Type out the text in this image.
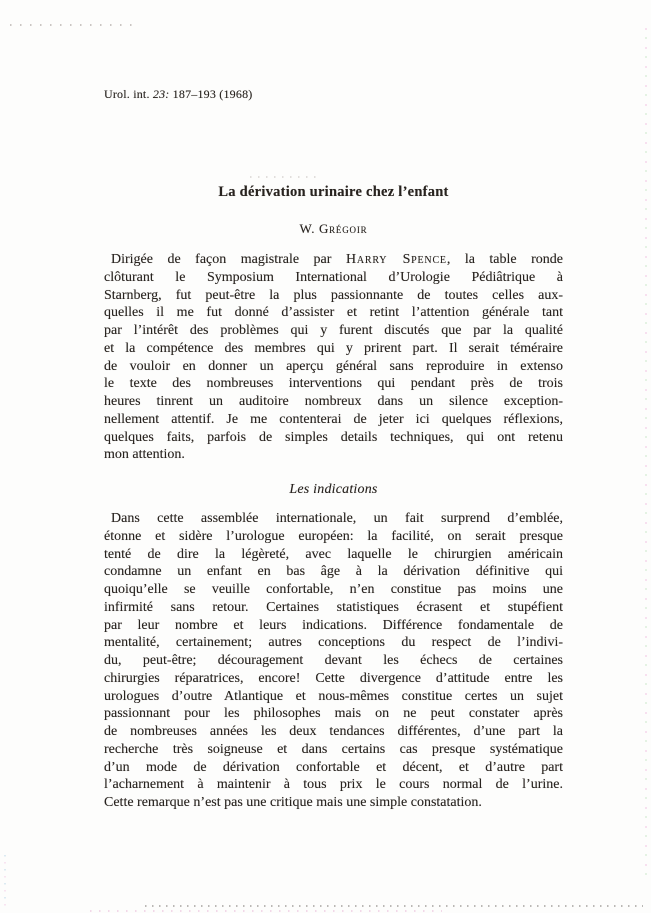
Urol. int. 23: 187–193 (1968)
La dérivation urinaire chez l’enfant
W. Grégoir
Dirigée de façon magistrale par Harry Spence, la table ronde
clôturant le Symposium International d’Urologie Pédiâtrique à
Starnberg, fut peut-être la plus passionnante de toutes celles aux-
quelles il me fut donné d’assister et retint l’attention générale tant
par l’intérêt des problèmes qui y furent discutés que par la qualité
et la compétence des membres qui y prirent part. Il serait téméraire
de vouloir en donner un aperçu général sans reproduire in extenso
le texte des nombreuses interventions qui pendant près de trois
heures tinrent un auditoire nombreux dans un silence exception-
nellement attentif. Je me contenterai de jeter ici quelques réflexions,
quelques faits, parfois de simples details techniques, qui ont retenu
mon attention.
Les indications
Dans cette assemblée internationale, un fait surprend d’emblée,
étonne et sidère l’urologue européen: la facilité, on serait presque
tenté de dire la légèreté, avec laquelle le chirurgien américain
condamne un enfant en bas âge à la dérivation définitive qui
quoiqu’elle se veuille confortable, n’en constitue pas moins une
infirmité sans retour. Certaines statistiques écrasent et stupéfient
par leur nombre et leurs indications. Différence fondamentale de
mentalité, certainement; autres conceptions du respect de l’indivi-
du, peut-être; découragement devant les échecs de certaines
chirurgies réparatrices, encore! Cette divergence d’attitude entre les
urologues d’outre Atlantique et nous-mêmes constitue certes un sujet
passionnant pour les philosophes mais on ne peut constater après
de nombreuses années les deux tendances différentes, d’une part la
recherche très soigneuse et dans certains cas presque systématique
d’un mode de dérivation confortable et décent, et d’autre part
l’acharnement à maintenir à tous prix le cours normal de l’urine.
Cette remarque n’est pas une critique mais une simple constatation.
